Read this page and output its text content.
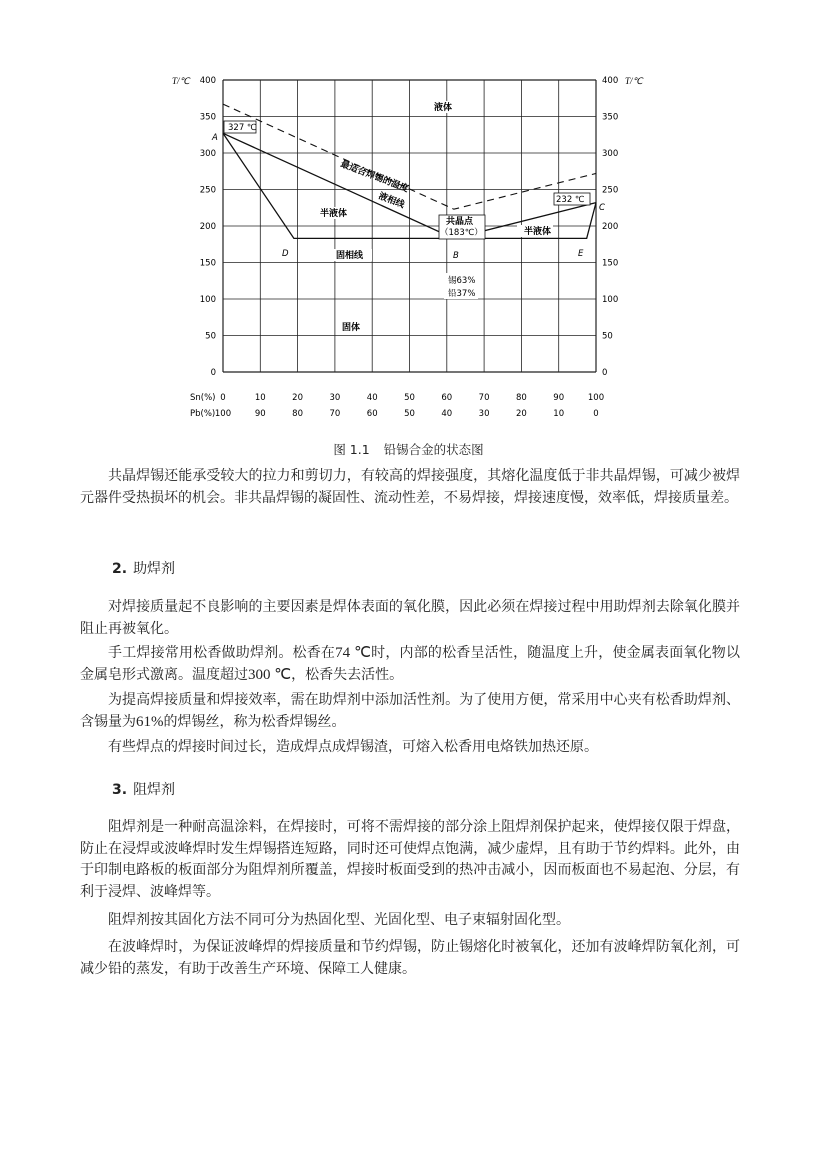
T/℃	T/℃
0	0
50	50
100	100
150	150
200	200
250	250
300	300
350	350
400	400
0	10	20	30	40	50	60	70	80	90	100
100	90	80	70	60	50	40	30	20	10	0
Sn(%)
Pb(%)
液体
327 ℃
A
最适合焊锡的温度
液相线
半液体
共晶点
（183℃）
232 ℃
C
半液体
D	固相线	B	E
锡63%
铅37%
固体
图 1.1 铅锡合金的状态图

共晶焊锡还能承受较大的拉力和剪切力，有较高的焊接强度，其熔化温度低于非共晶焊锡，可减少被焊元器件受热损坏的机会。非共晶焊锡的凝固性、流动性差，不易焊接，焊接速度慢，效率低，焊接质量差。

2. 助焊剂

对焊接质量起不良影响的主要因素是焊体表面的氧化膜，因此必须在焊接过程中用助焊剂去除氧化膜并阻止再被氧化。

手工焊接常用松香做助焊剂。松香在74 ℃时，内部的松香呈活性，随温度上升，使金属表面氧化物以金属皂形式激离。温度超过300 ℃，松香失去活性。

为提高焊接质量和焊接效率，需在助焊剂中添加活性剂。为了使用方便，常采用中心夹有松香助焊剂、含锡量为61%的焊锡丝，称为松香焊锡丝。

有些焊点的焊接时间过长，造成焊点成焊锡渣，可熔入松香用电烙铁加热还原。

3. 阻焊剂

阻焊剂是一种耐高温涂料，在焊接时，可将不需焊接的部分涂上阻焊剂保护起来，使焊接仅限于焊盘，防止在浸焊或波峰焊时发生焊锡搭连短路，同时还可使焊点饱满，减少虚焊，且有助于节约焊料。此外，由于印制电路板的板面部分为阻焊剂所覆盖，焊接时板面受到的热冲击减小，因而板面也不易起泡、分层，有利于浸焊、波峰焊等。

阻焊剂按其固化方法不同可分为热固化型、光固化型、电子束辐射固化型。

在波峰焊时，为保证波峰焊的焊接质量和节约焊锡，防止锡熔化时被氧化，还加有波峰焊防氧化剂，可减少铅的蒸发，有助于改善生产环境、保障工人健康。
